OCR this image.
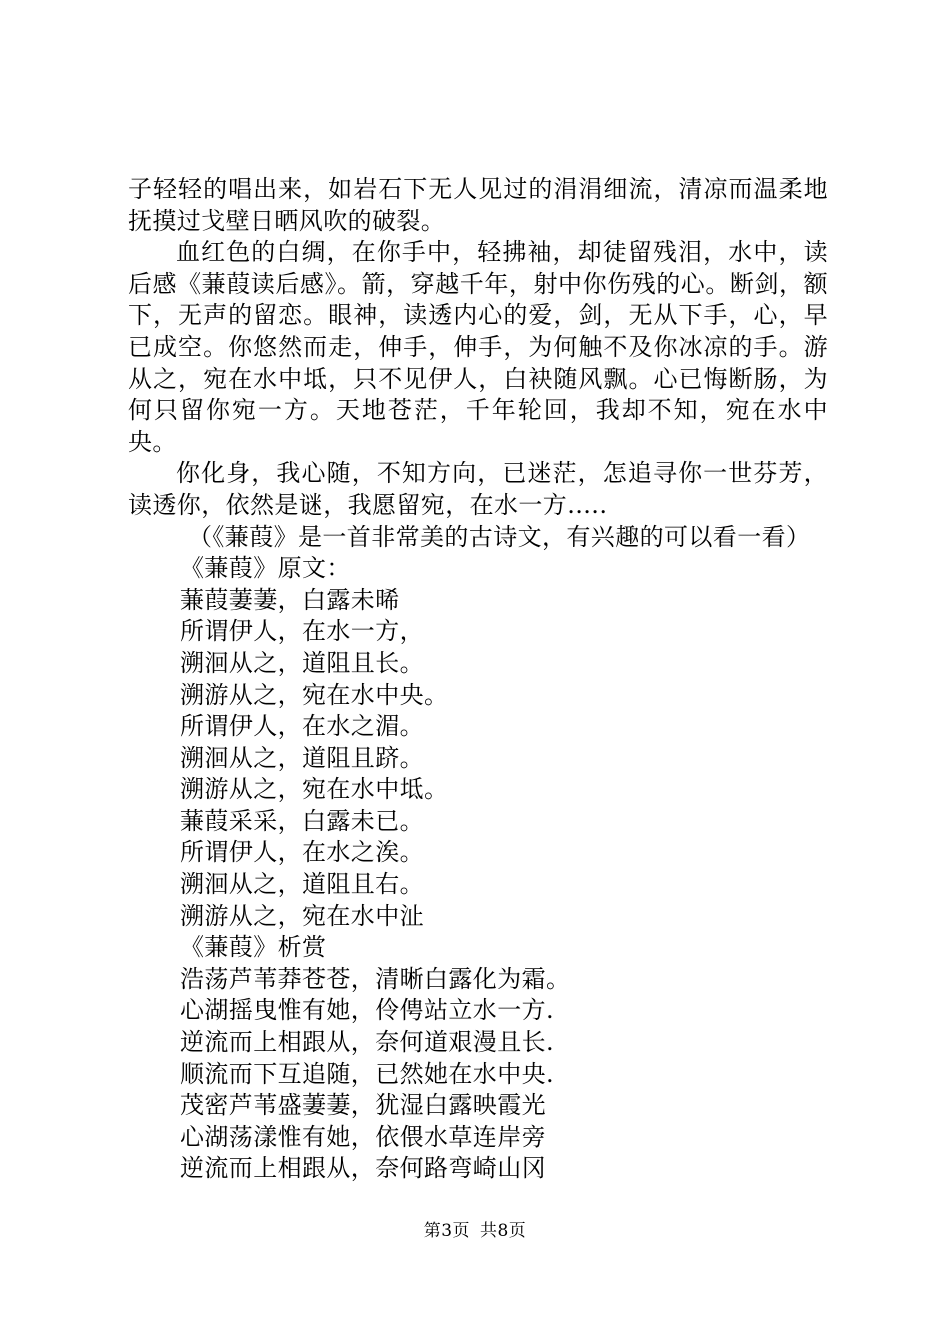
子轻轻的唱出来，如岩石下无人见过的涓涓细流，清凉而温柔地抚摸过戈壁日晒风吹的破裂。

血红色的白绸，在你手中，轻拂袖，却徒留残泪，水中，读后感《蒹葭读后感》。箭，穿越千年，射中你伤残的心。断剑，额下，无声的留恋。眼神，读透内心的爱，剑，无从下手，心，早已成空。你悠然而走，伸手，伸手，为何触不及你冰凉的手。游从之，宛在水中坻，只不见伊人，白袂随风飘。心已悔断肠，为何只留你宛一方。天地苍茫，千年轮回，我却不知，宛在水中央。

你化身，我心随，不知方向，已迷茫，怎追寻你一世芬芳，读透你，依然是谜，我愿留宛，在水一方.....

（《蒹葭》是一首非常美的古诗文，有兴趣的可以看一看）

《蒹葭》原文：
蒹葭萋萋，白露未晞
所谓伊人，在水一方，
溯洄从之，道阻且长。
溯游从之，宛在水中央。
所谓伊人，在水之湄。
溯洄从之，道阻且跻。
溯游从之，宛在水中坻。
蒹葭采采，白露未已。
所谓伊人，在水之涘。
溯洄从之，道阻且右。
溯游从之，宛在水中沚
《蒹葭》析赏
浩荡芦苇莽苍苍，清晰白露化为霜。
心湖摇曳惟有她，伶俜站立水一方.
逆流而上相跟从，奈何道艰漫且长.
顺流而下互追随，已然她在水中央.
茂密芦苇盛萋萋，犹湿白露映霞光
心湖荡漾惟有她，依偎水草连岸旁
逆流而上相跟从，奈何路弯崎山冈
第3页 共8页
